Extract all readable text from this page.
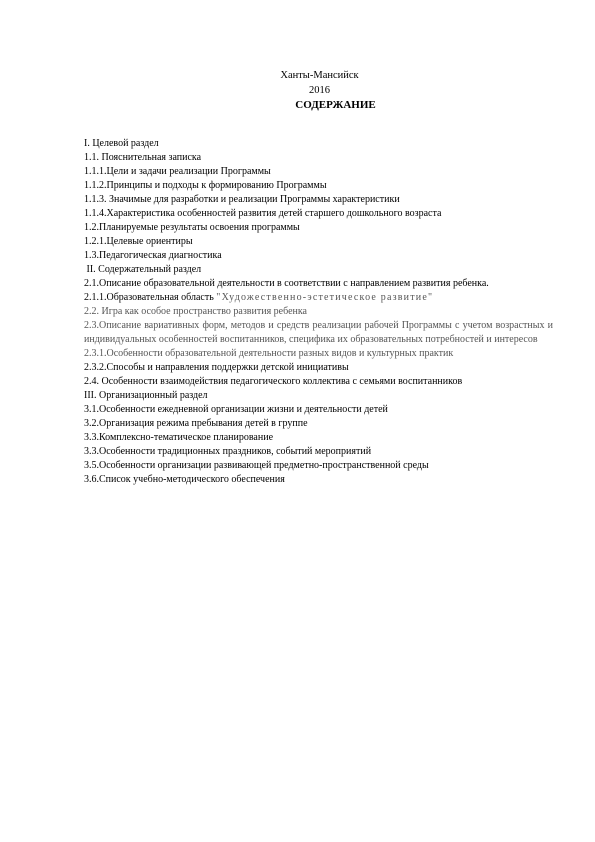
Ханты-Мансийск
2016
СОДЕРЖАНИЕ
I. Целевой раздел
1.1. Пояснительная записка
1.1.1.Цели и задачи реализации Программы
1.1.2.Принципы и подходы к формированию Программы
1.1.3. Значимые для разработки и реализации Программы характеристики
1.1.4.Характеристика особенностей развития детей старшего дошкольного возраста
1.2.Планируемые результаты освоения программы
1.2.1.Целевые ориентиры
1.3.Педагогическая диагностика
II. Содержательный раздел
2.1.Описание образовательной деятельности в соответствии с направлением развития ребенка.
2.1.1.Образовательная область "Художественно-эстетическое развитие"
2.2. Игра как особое пространство развития ребенка
2.3.Описание вариативных форм, методов и средств реализации рабочей Программы с учетом возрастных и индивидуальных особенностей воспитанников, специфика их образовательных потребностей и интересов
2.3.1.Особенности образовательной деятельности разных видов и культурных практик
2.3.2.Способы и направления поддержки детской инициативы
2.4. Особенности взаимодействия педагогического коллектива с семьями воспитанников
III. Организационный раздел
3.1.Особенности ежедневной организации жизни и деятельности детей
3.2.Организация режима пребывания детей в группе
3.3.Комплексно-тематическое планирование
3.3.Особенности традиционных праздников, событий мероприятий
3.5.Особенности организации развивающей предметно-пространственной среды
3.6.Список учебно-методического обеспечения
